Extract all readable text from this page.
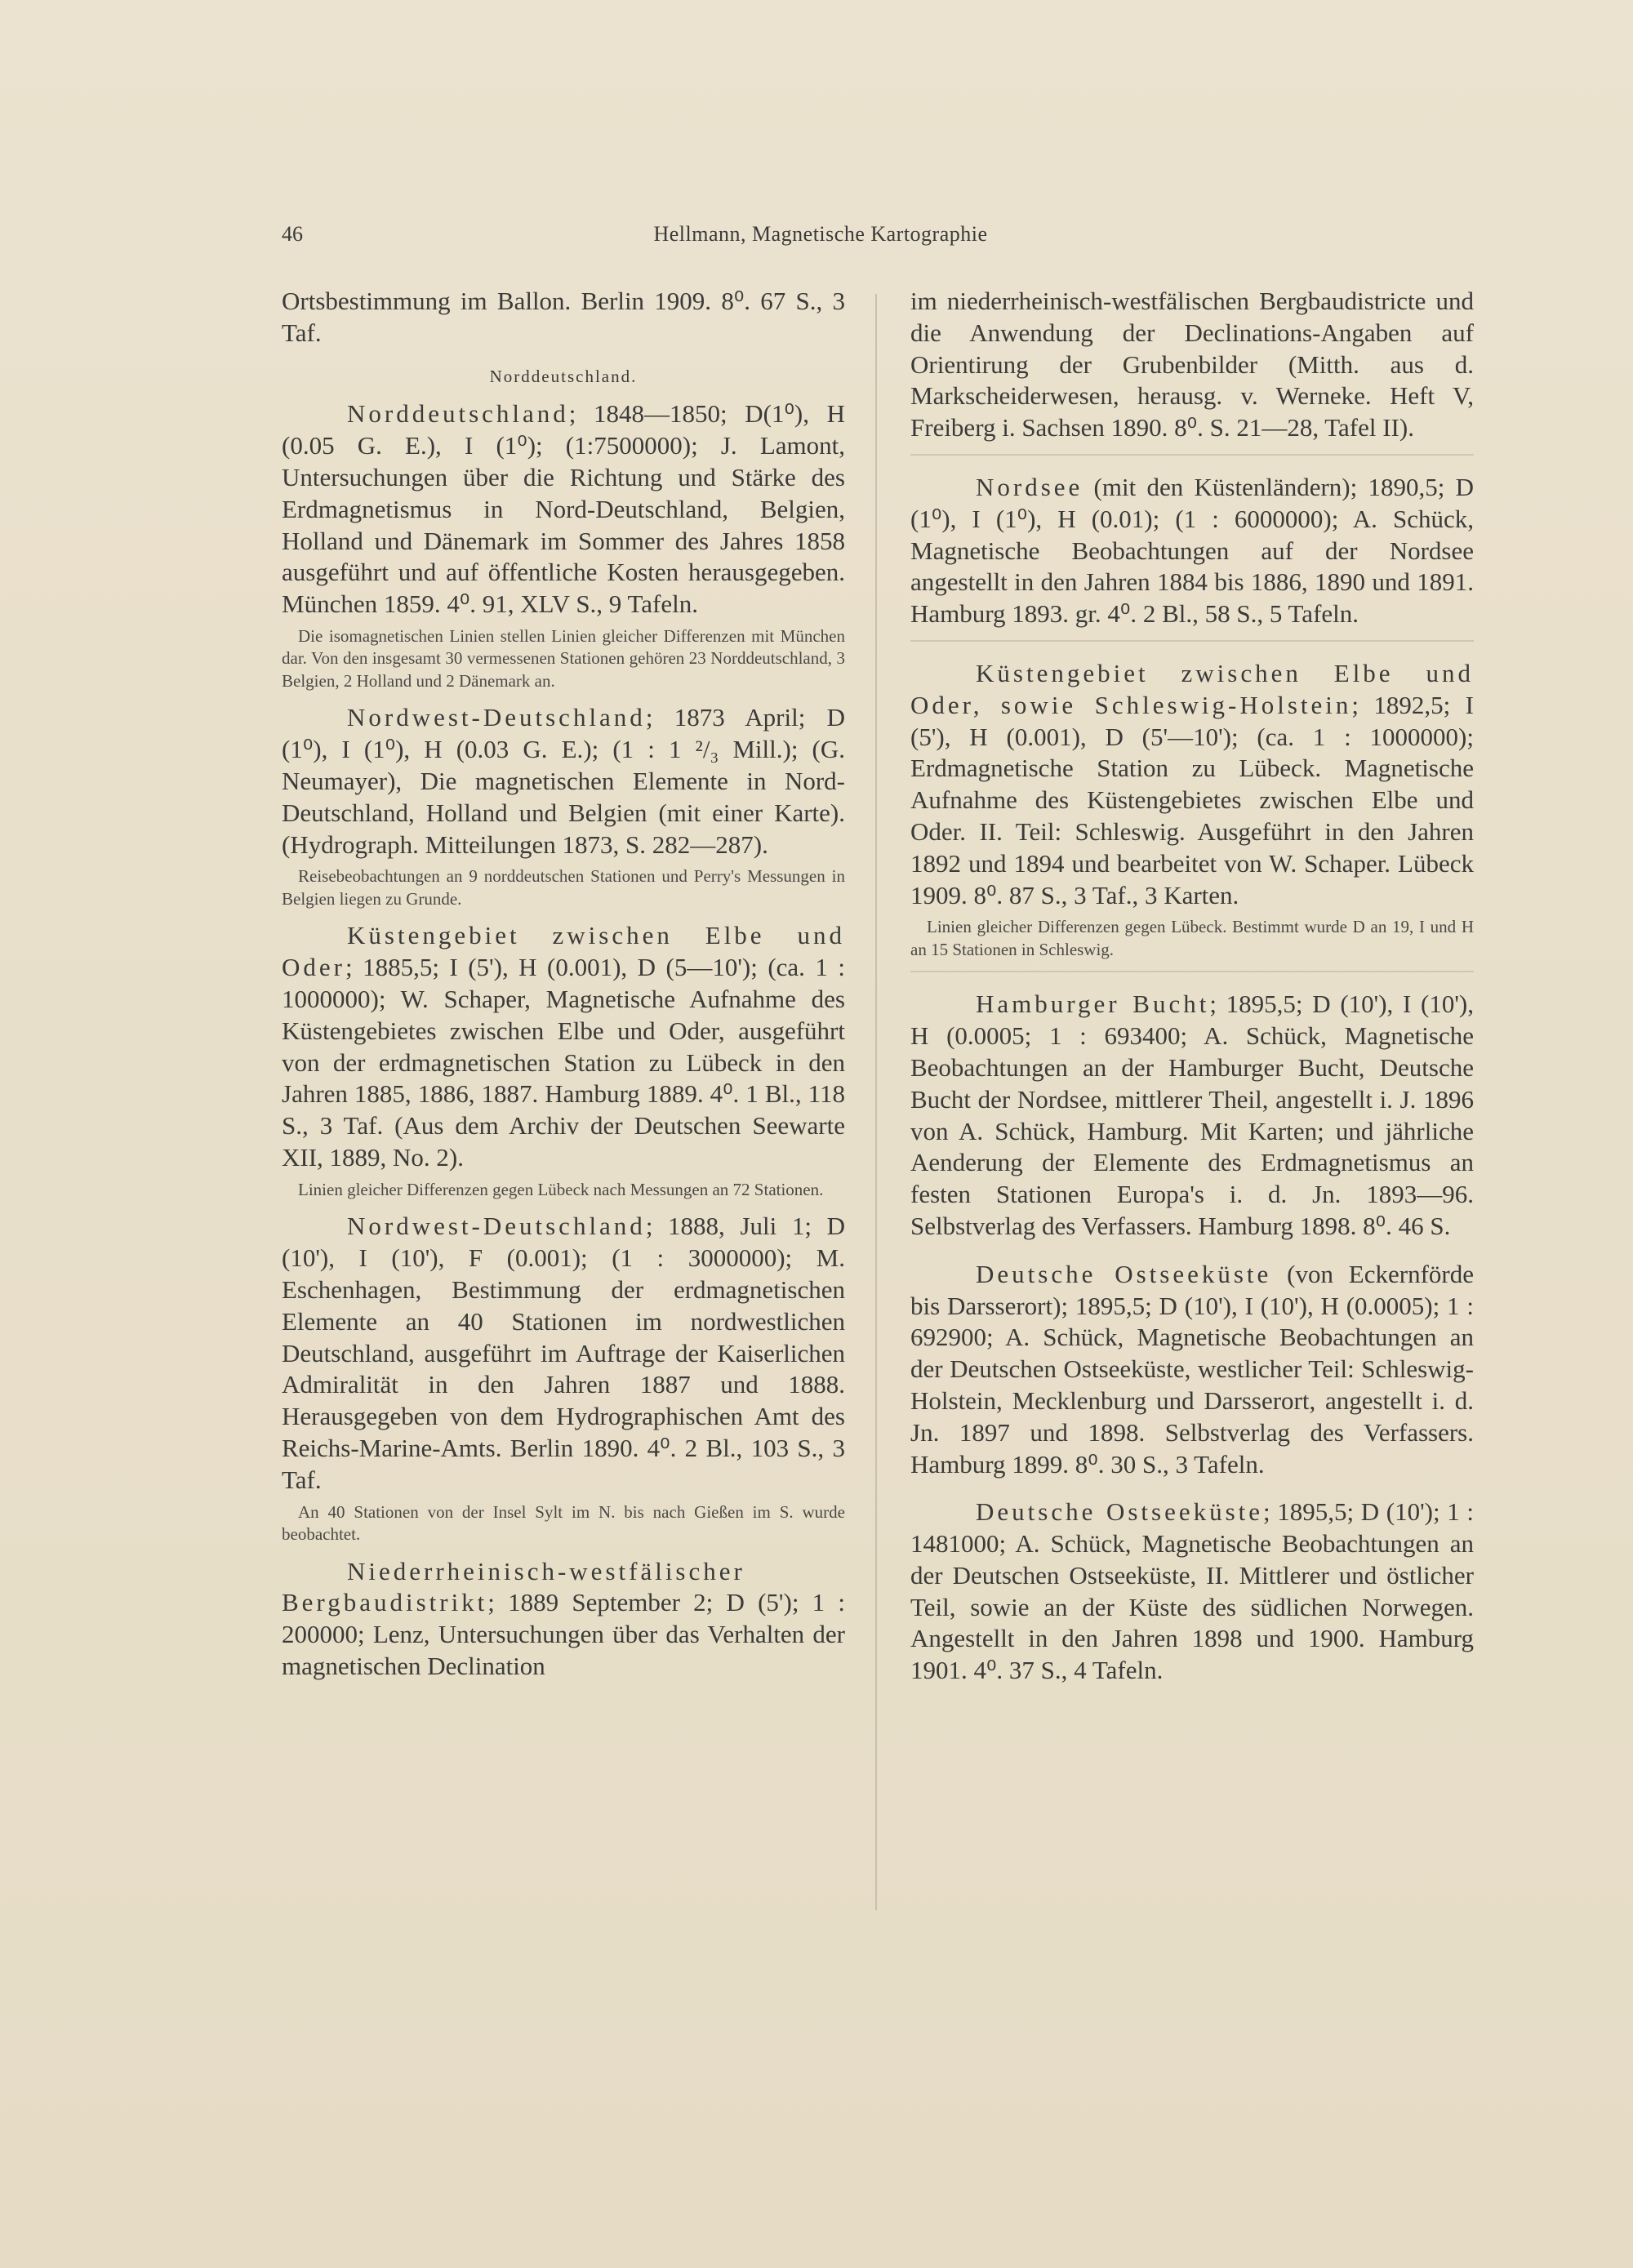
46	Hellmann, Magnetische Kartographie

Ortsbestimmung im Ballon. Berlin 1909. 8⁰. 67 S., 3 Taf.

Norddeutschland.

Norddeutschland; 1848—1850; D(1⁰), H (0.05 G. E.), I (1⁰); (1:7500000); J. Lamont, Untersuchungen über die Richtung und Stärke des Erdmagnetismus in Nord-Deutschland, Belgien, Holland und Dänemark im Sommer des Jahres 1858 ausgeführt und auf öffentliche Kosten herausgegeben. München 1859. 4⁰. 91, XLV S., 9 Tafeln.

Die isomagnetischen Linien stellen Linien gleicher Differenzen mit München dar. Von den insgesamt 30 vermessenen Stationen gehören 23 Norddeutschland, 3 Belgien, 2 Holland und 2 Dänemark an.

Nordwest-Deutschland; 1873 April; D (1⁰), I (1⁰), H (0.03 G. E.); (1 : 1 ²/₃ Mill.); (G. Neumayer), Die magnetischen Elemente in Nord-Deutschland, Holland und Belgien (mit einer Karte). (Hydrograph. Mitteilungen 1873, S. 282—287).

Reisebeobachtungen an 9 norddeutschen Stationen und Perry's Messungen in Belgien liegen zu Grunde.

Küstengebiet zwischen Elbe und Oder; 1885,5; I (5'), H (0.001), D (5—10'); (ca. 1 : 1000000); W. Schaper, Magnetische Aufnahme des Küstengebietes zwischen Elbe und Oder, ausgeführt von der erdmagnetischen Station zu Lübeck in den Jahren 1885, 1886, 1887. Hamburg 1889. 4⁰. 1 Bl., 118 S., 3 Taf. (Aus dem Archiv der Deutschen Seewarte XII, 1889, No. 2).

Linien gleicher Differenzen gegen Lübeck nach Messungen an 72 Stationen.

Nordwest-Deutschland; 1888, Juli 1; D (10'), I (10'), F (0.001); (1 : 3000000); M. Eschenhagen, Bestimmung der erdmagnetischen Elemente an 40 Stationen im nordwestlichen Deutschland, ausgeführt im Auftrage der Kaiserlichen Admiralität in den Jahren 1887 und 1888. Herausgegeben von dem Hydrographischen Amt des Reichs-Marine-Amts. Berlin 1890. 4⁰. 2 Bl., 103 S., 3 Taf.

An 40 Stationen von der Insel Sylt im N. bis nach Gießen im S. wurde beobachtet.

Niederrheinisch-westfälischer Bergbaudistrikt; 1889 September 2; D (5'); 1 : 200000; Lenz, Untersuchungen über das Verhalten der magnetischen Declination

im niederrheinisch-westfälischen Bergbaudistricte und die Anwendung der Declinations-Angaben auf Orientirung der Grubenbilder (Mitth. aus d. Markscheiderwesen, herausg. v. Werneke. Heft V, Freiberg i. Sachsen 1890. 8⁰. S. 21—28, Tafel II).

Nordsee (mit den Küstenländern); 1890,5; D (1⁰), I (1⁰), H (0.01); (1 : 6000000); A. Schück, Magnetische Beobachtungen auf der Nordsee angestellt in den Jahren 1884 bis 1886, 1890 und 1891. Hamburg 1893. gr. 4⁰. 2 Bl., 58 S., 5 Tafeln.

Küstengebiet zwischen Elbe und Oder, sowie Schleswig-Holstein; 1892,5; I (5'), H (0.001), D (5'—10'); (ca. 1 : 1000000); Erdmagnetische Station zu Lübeck. Magnetische Aufnahme des Küstengebietes zwischen Elbe und Oder. II. Teil: Schleswig. Ausgeführt in den Jahren 1892 und 1894 und bearbeitet von W. Schaper. Lübeck 1909. 8⁰. 87 S., 3 Taf., 3 Karten.

Linien gleicher Differenzen gegen Lübeck. Bestimmt wurde D an 19, I und H an 15 Stationen in Schleswig.

Hamburger Bucht; 1895,5; D (10'), I (10'), H (0.0005; 1 : 693400; A. Schück, Magnetische Beobachtungen an der Hamburger Bucht, Deutsche Bucht der Nordsee, mittlerer Theil, angestellt i. J. 1896 von A. Schück, Hamburg. Mit Karten; und jährliche Aenderung der Elemente des Erdmagnetismus an festen Stationen Europa's i. d. Jn. 1893—96. Selbstverlag des Verfassers. Hamburg 1898. 8⁰. 46 S.

Deutsche Ostseeküste (von Eckernförde bis Darsserort); 1895,5; D (10'), I (10'), H (0.0005); 1 : 692900; A. Schück, Magnetische Beobachtungen an der Deutschen Ostseeküste, westlicher Teil: Schleswig-Holstein, Mecklenburg und Darsserort, angestellt i. d. Jn. 1897 und 1898. Selbstverlag des Verfassers. Hamburg 1899. 8⁰. 30 S., 3 Tafeln.

Deutsche Ostseeküste; 1895,5; D (10'); 1 : 1481000; A. Schück, Magnetische Beobachtungen an der Deutschen Ostseeküste, II. Mittlerer und östlicher Teil, sowie an der Küste des südlichen Norwegen. Angestellt in den Jahren 1898 und 1900. Hamburg 1901. 4⁰. 37 S., 4 Tafeln.
